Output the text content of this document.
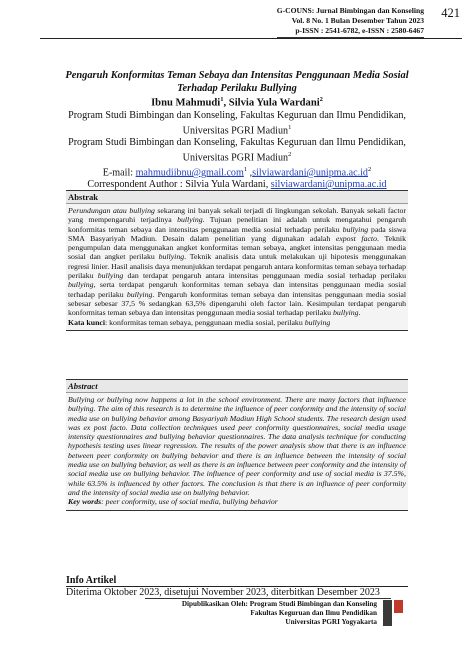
G-COUNS: Jurnal Bimbingan dan Konseling
Vol. 8 No. 1 Bulan Desember Tahun 2023
p-ISSN : 2541-6782, e-ISSN : 2580-6467
421
Pengaruh Konformitas Teman Sebaya dan Intensitas Penggunaan Media Sosial
Terhadap Perilaku Bullying
Ibnu Mahmudi$^1$, Silvia Yula Wardani$^2$
Program Studi Bimbingan dan Konseling, Fakultas Keguruan dan Ilmu Pendidikan,
Universitas PGRI Madiun$^1$
Program Studi Bimbingan dan Konseling, Fakultas Keguruan dan Ilmu Pendidikan,
Universitas PGRI Madiun$^2$
E-mail: mahmudiibnu@gmail.com$^1$ $,silviawardani@unipma.ac.id^2$
Correspondent Author : Silvia Yula Wardani, silviawardani@unipma.ac.id
Abstrak
Perundungan atau bullying sekarang ini banyak sekali terjadi di lingkungan sekolah. Banyak sekali factor yang mempengaruhi terjadinya bullying. Tujuan penelitian ini adalah untuk mengatahui pengaruh konformitas teman sebaya dan intensitas penggunaan media sosial terhadap perilaku bullying pada siswa SMA Basyariyah Madiun. Desain dalam penelitian yang digunakan adalah expost facto. Teknik pengumpulan data menggunakan angket konformitas teman sebaya, angket intensitas penggunaan media sosial dan angket perilaku bullying. Teknik analisis data untuk melakukan uji hipotesis menggunakan regresi linier. Hasil analisis daya menunjukkan terdapat pengaruh antara konformitas teman sebaya terhadap perilaku bullying dan terdapat pengaruh antara intensitas penggunaan media sosial terhadap perilaku bullying, serta terdapat pengaruh konformitas teman sebaya dan intensitas penggunaan media sosial terhadap perilaku bullying. Pengaruh konformitas teman sebaya dan intensitas penggunaan media sosial sebesar sebesar 37,5 % sedangkan 63,5% dipengaruhi oleh factor lain. Kesimpulan terdapat pengaruh konformitas teman sebaya dan intensitas penggunaan media sosial terhadap perilaku bullying.
Kata kunci: konformitas teman sebaya, penggunaan media sosial, perilaku bullying
Abstract
Bullying or bullying now happens a lot in the school environment. There are many factors that influence bullying. The aim of this research is to determine the influence of peer conformity and the intensity of social media use on bullying behavior among Basyariyah Madiun High School students. The research design used was ex post facto. Data collection techniques used peer conformity questionnaires, social media usage intensity questionnaires and bullying behavior questionnaires. The data analysis technique for conducting hypothesis testing uses linear regression. The results of the power analysis show that there is an influence between peer conformity on bullying behavior and there is an influence between the intensity of social media use on bullying behavior, as well as there is an influence between peer conformity and the intensity of social media use on bullying behavior. The influence of peer conformity and use of social media is 37.5%, while 63.5% is influenced by other factors. The conclusion is that there is an influence of peer conformity and the intensity of social media use on bullying behavior.
Key words: peer conformity, use of social media, bullying behavior
Info Artikel
Diterima Oktober 2023, disetujui November 2023, diterbitkan Desember 2023
Dipublikasikan Oleh: Program Studi Bimbingan dan Konseling
Fakultas Keguruan dan Ilmu Pendidikan
Universitas PGRI Yogyakarta
